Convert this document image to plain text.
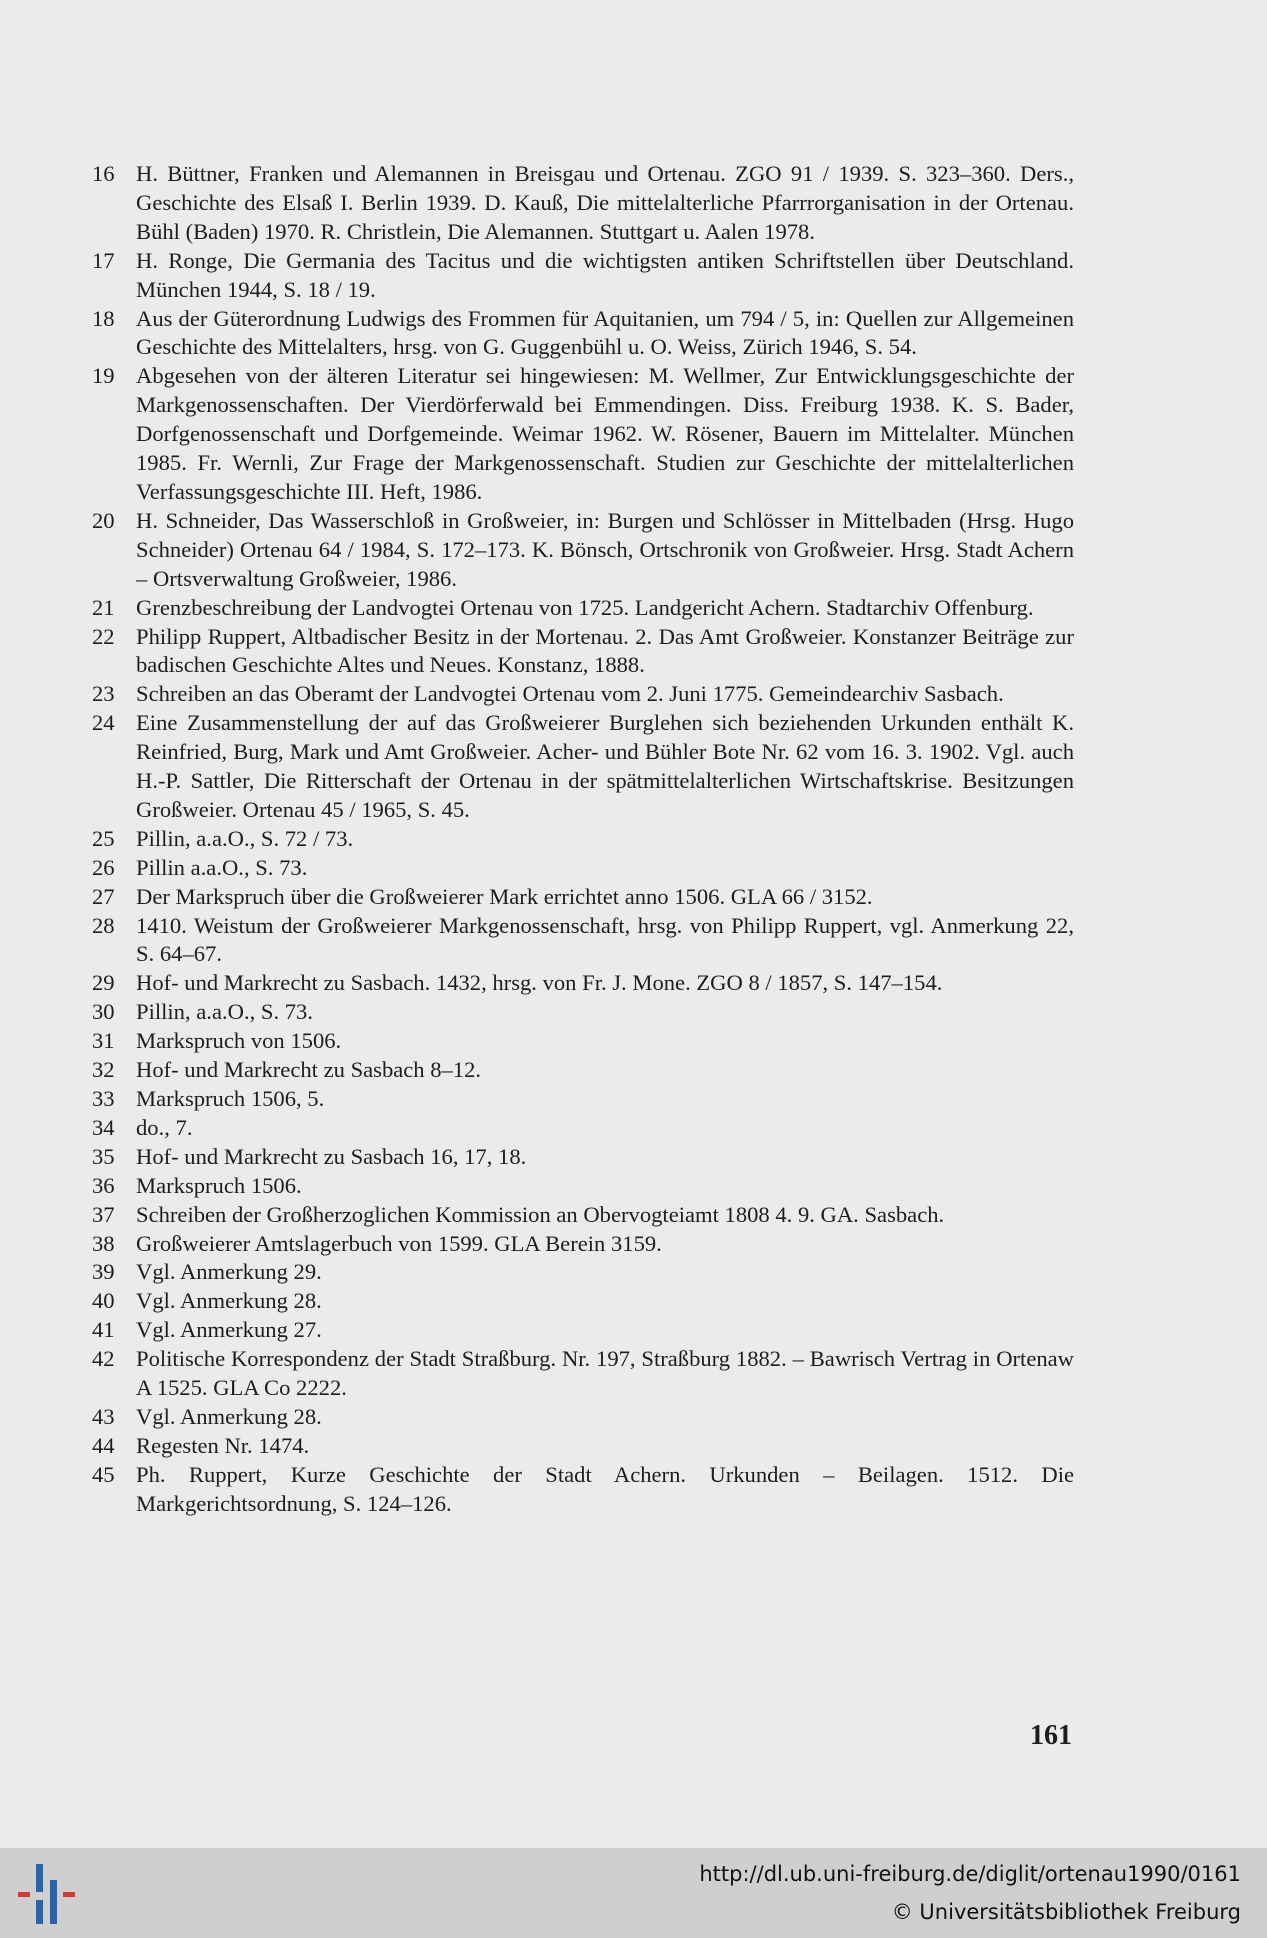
16 H. Büttner, Franken und Alemannen in Breisgau und Ortenau. ZGO 91 / 1939. S. 323–360. Ders., Geschichte des Elsaß I. Berlin 1939. D. Kauß, Die mittelalterliche Pfarrrorganisation in der Ortenau. Bühl (Baden) 1970. R. Christlein, Die Alemannen. Stuttgart u. Aalen 1978.
17 H. Ronge, Die Germania des Tacitus und die wichtigsten antiken Schriftstellen über Deutschland. München 1944, S. 18 / 19.
18 Aus der Güterordnung Ludwigs des Frommen für Aquitanien, um 794 / 5, in: Quellen zur Allgemeinen Geschichte des Mittelalters, hrsg. von G. Guggenbühl u. O. Weiss, Zürich 1946, S. 54.
19 Abgesehen von der älteren Literatur sei hingewiesen: M. Wellmer, Zur Entwicklungsgeschichte der Markgenossenschaften. Der Vierdörferwald bei Emmendingen. Diss. Freiburg 1938. K. S. Bader, Dorfgenossenschaft und Dorfgemeinde. Weimar 1962. W. Rösener, Bauern im Mittelalter. München 1985. Fr. Wernli, Zur Frage der Markgenossenschaft. Studien zur Geschichte der mittelalterlichen Verfassungsgeschichte III. Heft, 1986.
20 H. Schneider, Das Wasserschloß in Großweier, in: Burgen und Schlösser in Mittelbaden (Hrsg. Hugo Schneider) Ortenau 64 / 1984, S. 172–173. K. Bönsch, Ortschronik von Großweier. Hrsg. Stadt Achern – Ortsverwaltung Großweier, 1986.
21 Grenzbeschreibung der Landvogtei Ortenau von 1725. Landgericht Achern. Stadtarchiv Offenburg.
22 Philipp Ruppert, Altbadischer Besitz in der Mortenau. 2. Das Amt Großweier. Konstanzer Beiträge zur badischen Geschichte Altes und Neues. Konstanz, 1888.
23 Schreiben an das Oberamt der Landvogtei Ortenau vom 2. Juni 1775. Gemeindearchiv Sasbach.
24 Eine Zusammenstellung der auf das Großweierer Burglehen sich beziehenden Urkunden enthält K. Reinfried, Burg, Mark und Amt Großweier. Acher- und Bühler Bote Nr. 62 vom 16. 3. 1902. Vgl. auch H.-P. Sattler, Die Ritterschaft der Ortenau in der spätmittelalterlichen Wirtschaftskrise. Besitzungen Großweier. Ortenau 45 / 1965, S. 45.
25 Pillin, a.a.O., S. 72 / 73.
26 Pillin a.a.O., S. 73.
27 Der Markspruch über die Großweierer Mark errichtet anno 1506. GLA 66 / 3152.
28 1410. Weistum der Großweierer Markgenossenschaft, hrsg. von Philipp Ruppert, vgl. Anmerkung 22, S. 64–67.
29 Hof- und Markrecht zu Sasbach. 1432, hrsg. von Fr. J. Mone. ZGO 8 / 1857, S. 147–154.
30 Pillin, a.a.O., S. 73.
31 Markspruch von 1506.
32 Hof- und Markrecht zu Sasbach 8–12.
33 Markspruch 1506, 5.
34 do., 7.
35 Hof- und Markrecht zu Sasbach 16, 17, 18.
36 Markspruch 1506.
37 Schreiben der Großherzoglichen Kommission an Obervogteiamt 1808 4. 9. GA. Sasbach.
38 Großweierer Amtslagerbuch von 1599. GLA Berein 3159.
39 Vgl. Anmerkung 29.
40 Vgl. Anmerkung 28.
41 Vgl. Anmerkung 27.
42 Politische Korrespondenz der Stadt Straßburg. Nr. 197, Straßburg 1882. – Bawrisch Vertrag in Ortenaw A 1525. GLA Co 2222.
43 Vgl. Anmerkung 28.
44 Regesten Nr. 1474.
45 Ph. Ruppert, Kurze Geschichte der Stadt Achern. Urkunden – Beilagen. 1512. Die Markgerichtsordnung, S. 124–126.
161
http://dl.ub.uni-freiburg.de/diglit/ortenau1990/0161
© Universitätsbibliothek Freiburg
